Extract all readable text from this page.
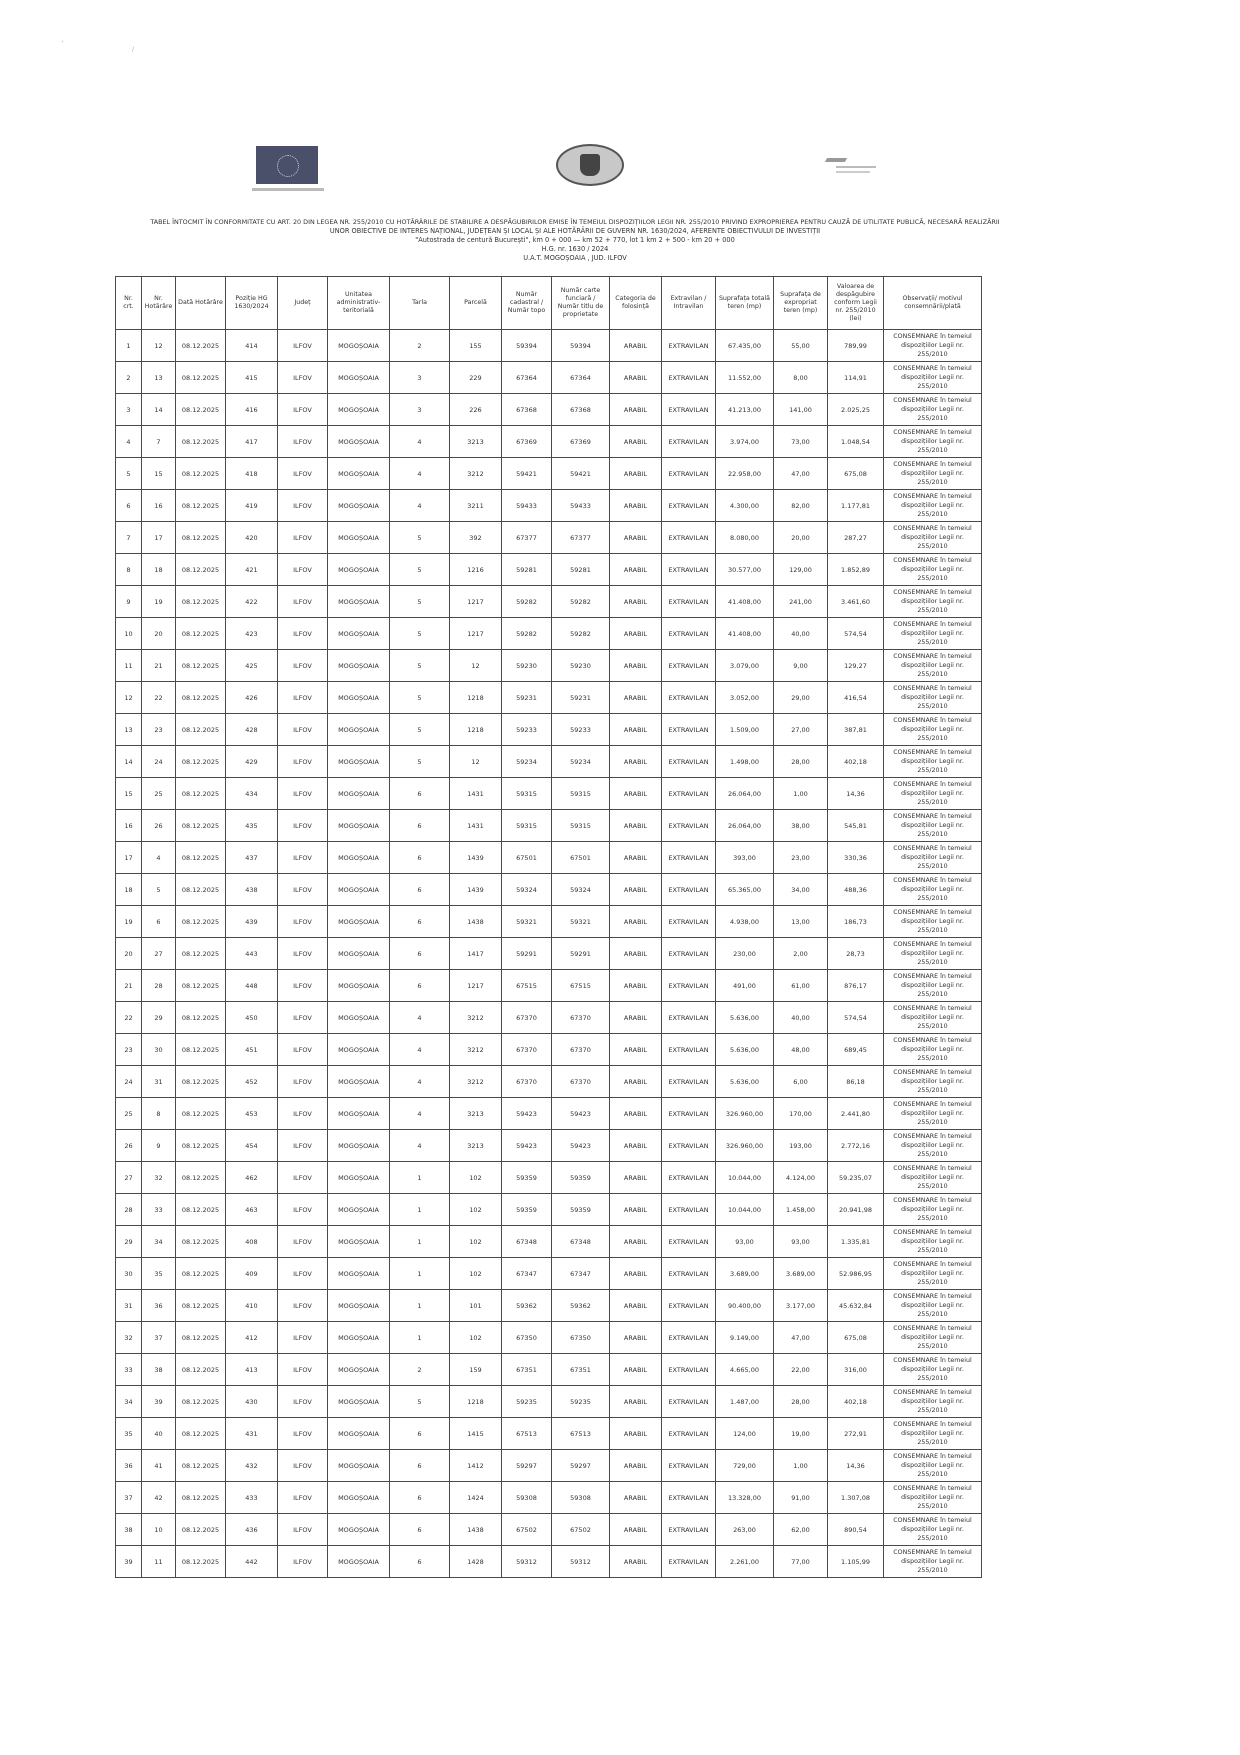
'
/
TABEL ÎNTOCMIT ÎN CONFORMITATE CU ART. 20 DIN LEGEA NR. 255/2010 CU HOTĂRÂRILE DE STABILIRE A DESPĂGUBIRILOR EMISE ÎN TEMEIUL DISPOZIȚIILOR LEGII NR. 255/2010 PRIVIND EXPROPRIEREA PENTRU CAUZĂ DE UTILITATE PUBLICĂ, NECESARĂ REALIZĂRII
UNOR OBIECTIVE DE INTERES NAȚIONAL, JUDEȚEAN ȘI LOCAL ȘI ALE HOTĂRÂRII DE GUVERN NR. 1630/2024, AFERENTE OBIECTIVULUI DE INVESTIȚII
"Autostrada de centură București", km 0 + 000 — km 52 + 770, lot 1 km 2 + 500 - km 20 + 000
H.G. nr. 1630 / 2024
U.A.T. MOGOȘOAIA , JUD. ILFOV
Nr. crt.	Nr. Hotărâre	Dată Hotărâre	Poziție HG 1630/2024	Județ	Unitatea administrativ-teritorială	Tarla	Parcelă	Număr cadastral / Număr topo	Număr carte funciară / Număr titlu de proprietate	Categoria de folosință	Extravilan / Intravilan	Suprafața totală teren (mp)	Suprafața de expropriat teren (mp)	Valoarea de despăgubire conform Legii nr. 255/2010 (lei)	Observații/ motivul consemnării/plată
1	12	08.12.2025	414	ILFOV	MOGOȘOAIA	2	155	59394	59394	ARABIL	EXTRAVILAN	67.435,00	55,00	789,99	CONSEMNARE în temeiul dispozițiilor Legii nr. 255/2010
2	13	08.12.2025	415	ILFOV	MOGOȘOAIA	3	229	67364	67364	ARABIL	EXTRAVILAN	11.552,00	8,00	114,91	CONSEMNARE în temeiul dispozițiilor Legii nr. 255/2010
3	14	08.12.2025	416	ILFOV	MOGOȘOAIA	3	226	67368	67368	ARABIL	EXTRAVILAN	41.213,00	141,00	2.025,25	CONSEMNARE în temeiul dispozițiilor Legii nr. 255/2010
4	7	08.12.2025	417	ILFOV	MOGOȘOAIA	4	3213	67369	67369	ARABIL	EXTRAVILAN	3.974,00	73,00	1.048,54	CONSEMNARE în temeiul dispozițiilor Legii nr. 255/2010
5	15	08.12.2025	418	ILFOV	MOGOȘOAIA	4	3212	59421	59421	ARABIL	EXTRAVILAN	22.958,00	47,00	675,08	CONSEMNARE în temeiul dispozițiilor Legii nr. 255/2010
6	16	08.12.2025	419	ILFOV	MOGOȘOAIA	4	3211	59433	59433	ARABIL	EXTRAVILAN	4.300,00	82,00	1.177,81	CONSEMNARE în temeiul dispozițiilor Legii nr. 255/2010
7	17	08.12.2025	420	ILFOV	MOGOȘOAIA	5	392	67377	67377	ARABIL	EXTRAVILAN	8.080,00	20,00	287,27	CONSEMNARE în temeiul dispozițiilor Legii nr. 255/2010
8	18	08.12.2025	421	ILFOV	MOGOȘOAIA	5	1216	59281	59281	ARABIL	EXTRAVILAN	30.577,00	129,00	1.852,89	CONSEMNARE în temeiul dispozițiilor Legii nr. 255/2010
9	19	08.12.2025	422	ILFOV	MOGOȘOAIA	5	1217	59282	59282	ARABIL	EXTRAVILAN	41.408,00	241,00	3.461,60	CONSEMNARE în temeiul dispozițiilor Legii nr. 255/2010
10	20	08.12.2025	423	ILFOV	MOGOȘOAIA	5	1217	59282	59282	ARABIL	EXTRAVILAN	41.408,00	40,00	574,54	CONSEMNARE în temeiul dispozițiilor Legii nr. 255/2010
11	21	08.12.2025	425	ILFOV	MOGOȘOAIA	5	12	59230	59230	ARABIL	EXTRAVILAN	3.079,00	9,00	129,27	CONSEMNARE în temeiul dispozițiilor Legii nr. 255/2010
12	22	08.12.2025	426	ILFOV	MOGOȘOAIA	5	1218	59231	59231	ARABIL	EXTRAVILAN	3.052,00	29,00	416,54	CONSEMNARE în temeiul dispozițiilor Legii nr. 255/2010
13	23	08.12.2025	428	ILFOV	MOGOȘOAIA	5	1218	59233	59233	ARABIL	EXTRAVILAN	1.509,00	27,00	387,81	CONSEMNARE în temeiul dispozițiilor Legii nr. 255/2010
14	24	08.12.2025	429	ILFOV	MOGOȘOAIA	5	12	59234	59234	ARABIL	EXTRAVILAN	1.498,00	28,00	402,18	CONSEMNARE în temeiul dispozițiilor Legii nr. 255/2010
15	25	08.12.2025	434	ILFOV	MOGOȘOAIA	6	1431	59315	59315	ARABIL	EXTRAVILAN	26.064,00	1,00	14,36	CONSEMNARE în temeiul dispozițiilor Legii nr. 255/2010
16	26	08.12.2025	435	ILFOV	MOGOȘOAIA	6	1431	59315	59315	ARABIL	EXTRAVILAN	26.064,00	38,00	545,81	CONSEMNARE în temeiul dispozițiilor Legii nr. 255/2010
17	4	08.12.2025	437	ILFOV	MOGOȘOAIA	6	1439	67501	67501	ARABIL	EXTRAVILAN	393,00	23,00	330,36	CONSEMNARE în temeiul dispozițiilor Legii nr. 255/2010
18	5	08.12.2025	438	ILFOV	MOGOȘOAIA	6	1439	59324	59324	ARABIL	EXTRAVILAN	65.365,00	34,00	488,36	CONSEMNARE în temeiul dispozițiilor Legii nr. 255/2010
19	6	08.12.2025	439	ILFOV	MOGOȘOAIA	6	1438	59321	59321	ARABIL	EXTRAVILAN	4.938,00	13,00	186,73	CONSEMNARE în temeiul dispozițiilor Legii nr. 255/2010
20	27	08.12.2025	443	ILFOV	MOGOȘOAIA	6	1417	59291	59291	ARABIL	EXTRAVILAN	230,00	2,00	28,73	CONSEMNARE în temeiul dispozițiilor Legii nr. 255/2010
21	28	08.12.2025	448	ILFOV	MOGOȘOAIA	6	1217	67515	67515	ARABIL	EXTRAVILAN	491,00	61,00	876,17	CONSEMNARE în temeiul dispozițiilor Legii nr. 255/2010
22	29	08.12.2025	450	ILFOV	MOGOȘOAIA	4	3212	67370	67370	ARABIL	EXTRAVILAN	5.636,00	40,00	574,54	CONSEMNARE în temeiul dispozițiilor Legii nr. 255/2010
23	30	08.12.2025	451	ILFOV	MOGOȘOAIA	4	3212	67370	67370	ARABIL	EXTRAVILAN	5.636,00	48,00	689,45	CONSEMNARE în temeiul dispozițiilor Legii nr. 255/2010
24	31	08.12.2025	452	ILFOV	MOGOȘOAIA	4	3212	67370	67370	ARABIL	EXTRAVILAN	5.636,00	6,00	86,18	CONSEMNARE în temeiul dispozițiilor Legii nr. 255/2010
25	8	08.12.2025	453	ILFOV	MOGOȘOAIA	4	3213	59423	59423	ARABIL	EXTRAVILAN	326.960,00	170,00	2.441,80	CONSEMNARE în temeiul dispozițiilor Legii nr. 255/2010
26	9	08.12.2025	454	ILFOV	MOGOȘOAIA	4	3213	59423	59423	ARABIL	EXTRAVILAN	326.960,00	193,00	2.772,16	CONSEMNARE în temeiul dispozițiilor Legii nr. 255/2010
27	32	08.12.2025	462	ILFOV	MOGOȘOAIA	1	102	59359	59359	ARABIL	EXTRAVILAN	10.044,00	4.124,00	59.235,07	CONSEMNARE în temeiul dispozițiilor Legii nr. 255/2010
28	33	08.12.2025	463	ILFOV	MOGOȘOAIA	1	102	59359	59359	ARABIL	EXTRAVILAN	10.044,00	1.458,00	20.941,98	CONSEMNARE în temeiul dispozițiilor Legii nr. 255/2010
29	34	08.12.2025	408	ILFOV	MOGOȘOAIA	1	102	67348	67348	ARABIL	EXTRAVILAN	93,00	93,00	1.335,81	CONSEMNARE în temeiul dispozițiilor Legii nr. 255/2010
30	35	08.12.2025	409	ILFOV	MOGOȘOAIA	1	102	67347	67347	ARABIL	EXTRAVILAN	3.689,00	3.689,00	52.986,95	CONSEMNARE în temeiul dispozițiilor Legii nr. 255/2010
31	36	08.12.2025	410	ILFOV	MOGOȘOAIA	1	101	59362	59362	ARABIL	EXTRAVILAN	90.400,00	3.177,00	45.632,84	CONSEMNARE în temeiul dispozițiilor Legii nr. 255/2010
32	37	08.12.2025	412	ILFOV	MOGOȘOAIA	1	102	67350	67350	ARABIL	EXTRAVILAN	9.149,00	47,00	675,08	CONSEMNARE în temeiul dispozițiilor Legii nr. 255/2010
33	38	08.12.2025	413	ILFOV	MOGOȘOAIA	2	159	67351	67351	ARABIL	EXTRAVILAN	4.665,00	22,00	316,00	CONSEMNARE în temeiul dispozițiilor Legii nr. 255/2010
34	39	08.12.2025	430	ILFOV	MOGOȘOAIA	5	1218	59235	59235	ARABIL	EXTRAVILAN	1.487,00	28,00	402,18	CONSEMNARE în temeiul dispozițiilor Legii nr. 255/2010
35	40	08.12.2025	431	ILFOV	MOGOȘOAIA	6	1415	67513	67513	ARABIL	EXTRAVILAN	124,00	19,00	272,91	CONSEMNARE în temeiul dispozițiilor Legii nr. 255/2010
36	41	08.12.2025	432	ILFOV	MOGOȘOAIA	6	1412	59297	59297	ARABIL	EXTRAVILAN	729,00	1,00	14,36	CONSEMNARE în temeiul dispozițiilor Legii nr. 255/2010
37	42	08.12.2025	433	ILFOV	MOGOȘOAIA	6	1424	59308	59308	ARABIL	EXTRAVILAN	13.328,00	91,00	1.307,08	CONSEMNARE în temeiul dispozițiilor Legii nr. 255/2010
38	10	08.12.2025	436	ILFOV	MOGOȘOAIA	6	1438	67502	67502	ARABIL	EXTRAVILAN	263,00	62,00	890,54	CONSEMNARE în temeiul dispozițiilor Legii nr. 255/2010
39	11	08.12.2025	442	ILFOV	MOGOȘOAIA	6	1428	59312	59312	ARABIL	EXTRAVILAN	2.261,00	77,00	1.105,99	CONSEMNARE în temeiul dispozițiilor Legii nr. 255/2010
